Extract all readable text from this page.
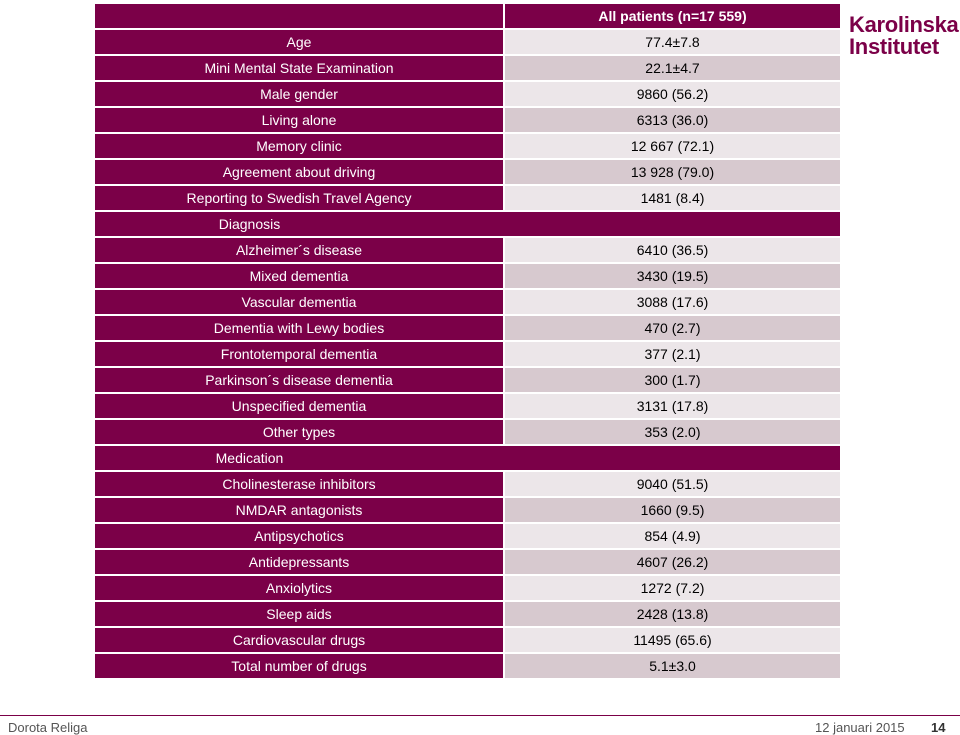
		All patients (n=17 559)
Age		77.4±7.8
Mini Mental State Examination		22.1±4.7
Male gender		9860 (56.2)
Living alone		6313 (36.0)
Memory clinic		12 667 (72.1)
Agreement about driving		13 928 (79.0)
Reporting to Swedish Travel Agency		1481 (8.4)
Diagnosis		
Alzheimer´s disease		6410 (36.5)
Mixed dementia		3430 (19.5)
Vascular dementia		3088 (17.6)
Dementia with Lewy bodies		470 (2.7)
Frontotemporal dementia		377 (2.1)
Parkinson´s disease dementia		300 (1.7)
Unspecified dementia		3131 (17.8)
Other types		353 (2.0)
Medication		
Cholinesterase inhibitors		9040 (51.5)
NMDAR antagonists		1660 (9.5)
Antipsychotics		854 (4.9)
Antidepressants		4607 (26.2)
Anxiolytics		1272 (7.2)
Sleep aids		2428 (13.8)
Cardiovascular drugs		11495 (65.6)
Total number of drugs		5.1±3.0
Karolinska
Institutet
Dorota Religa	12 januari 2015 14
